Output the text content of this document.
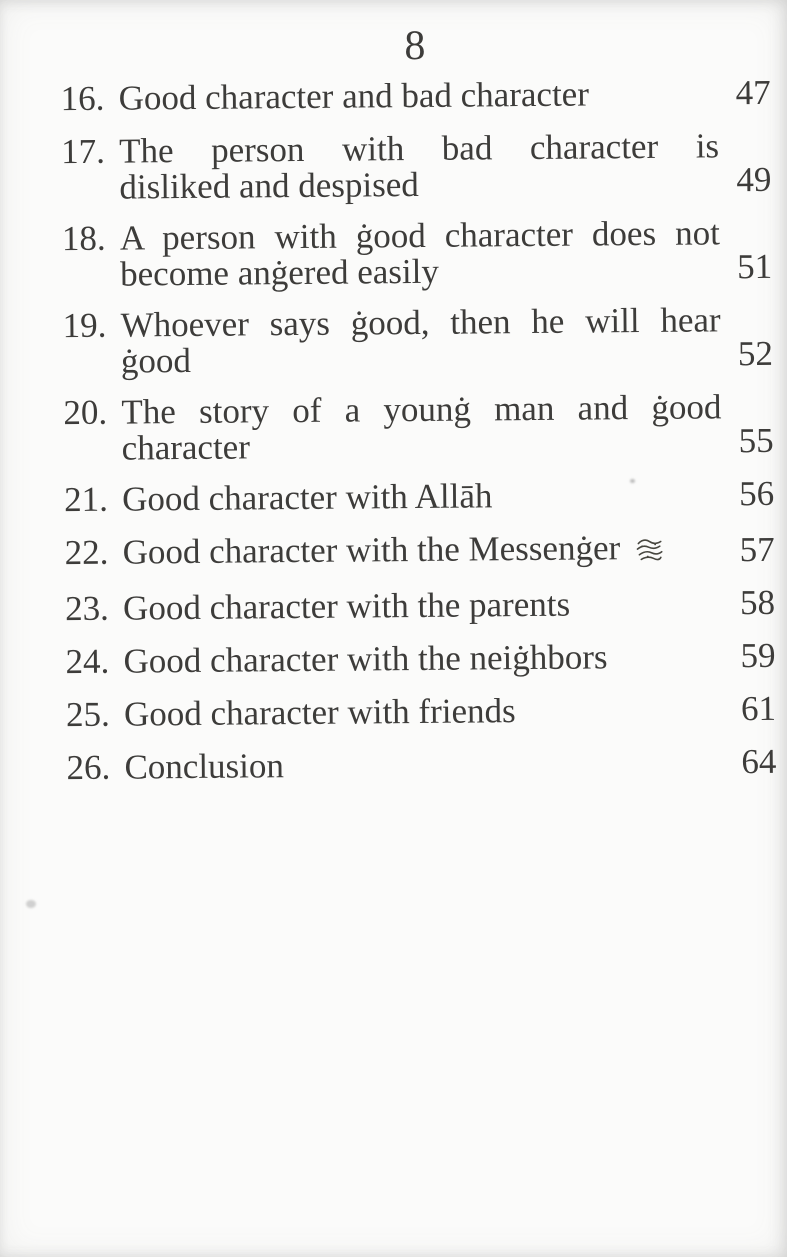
8
16. Good character and bad character	47
17. The person with bad character is
disliked and despised	49
18. A person with ġood character does not
become anġered easily	51
19. Whoever says ġood, then he will hear
ġood	52
20. The story of a younġ man and ġood
character	55
21. Good character with Allāh	56
22. Good character with the Messenġer	57
23. Good character with the parents	58
24. Good character with the neiġhbors	59
25. Good character with friends	61
26. Conclusion	64
